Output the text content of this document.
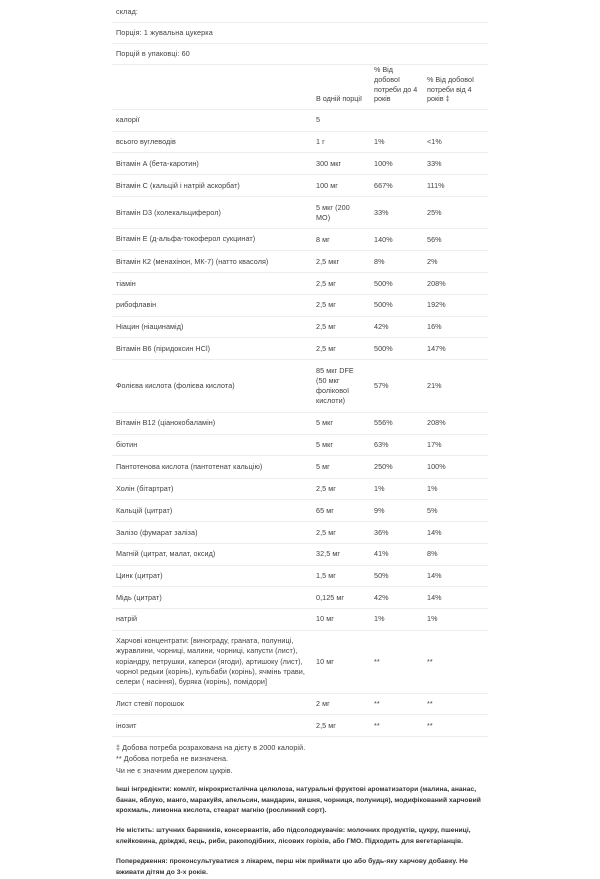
склад:
Порція: 1 жувальна цукерка
Порцій в упаковці: 60
	В одній порції	% Від добової потреби до 4 років	% Від добової потреби від 4 років ‡
калорії	5		
всього вуглеводів	1 г	1%	<1%
Вітамін A (бета-каротин)	300 мкг	100%	33%
Вітамін C (кальцій і натрій аскорбат)	100 мг	667%	111%
Вітамін D3 (холекальциферол)	5 мкг (200 МО)	33%	25%
Вітамін Е (д-альфа-токоферол сукцинат)	8 мг	140%	56%
Вітамін К2 (менахінон, МК-7) (натто квасоля)	2,5 мкг	8%	2%
тіамін	2,5 мг	500%	208%
рибофлавін	2,5 мг	500%	192%
Ніацин (ніацинамід)	2,5 мг	42%	16%
Вітамін B6 (піридоксин HCl)	2,5 мг	500%	147%
Фолієва кислота (фолієва кислота)	85 мкг DFE (50 мкг фолікової кислоти)	57%	21%
Вітамін B12 (ціанокобаламін)	5 мкг	556%	208%
біотин	5 мкг	63%	17%
Пантотенова кислота (пантотенат кальцію)	5 мг	250%	100%
Холін (бітартрат)	2,5 мг	1%	1%
Кальцій (цитрат)	65 мг	9%	5%
Залізо (фумарат заліза)	2,5 мг	36%	14%
Магній (цитрат, малат, оксид)	32,5 мг	41%	8%
Цинк (цитрат)	1,5 мг	50%	14%
Мідь (цитрат)	0,125 мг	42%	14%
натрій	10 мг	1%	1%
Харчові концентрати: [винограду, граната, полуниці, журавлини, чорниці, малини, чорниці, капусти (лист), коріандру, петрушки, каперси (ягоди), артишоку (лист), чорної редьки (корінь), кульбаби (корінь), ячмінь трави, селери ( насіння), буряка (корінь), помідори]	10 мг	**	**
Лист стевії порошок	2 мг	**	**
інозит	2,5 мг	**	**
‡ Добова потреба розрахована на дієту в 2000 калорій.
** Добова потреба не визначена.
Чи не є значним джерелом цукрів.

Інші інгредієнти: комліт, мікрокристалічна целюлоза, натуральні фруктові ароматизатори (малина, ананас, банан, яблуко, манго, маракуйя, апельсин, мандарин, вишня, чорниця, полуниця), модифікований харчовий крохмаль, лимонна кислота, стеарат магнію (рослинний сорт).

Не містить: штучних барвників, консервантів, або підсолоджувачів: молочних продуктів, цукру, пшениці, клейковина, дріжджі, яєць, риби, ракоподібних, лісових горіхів, або ГМО. Підходить для вегетаріанців.

Попередження: проконсультуватися з лікарем, перш ніж приймати цю або будь-яку харчову добавку. Не вживати дітям до 3-х років.
